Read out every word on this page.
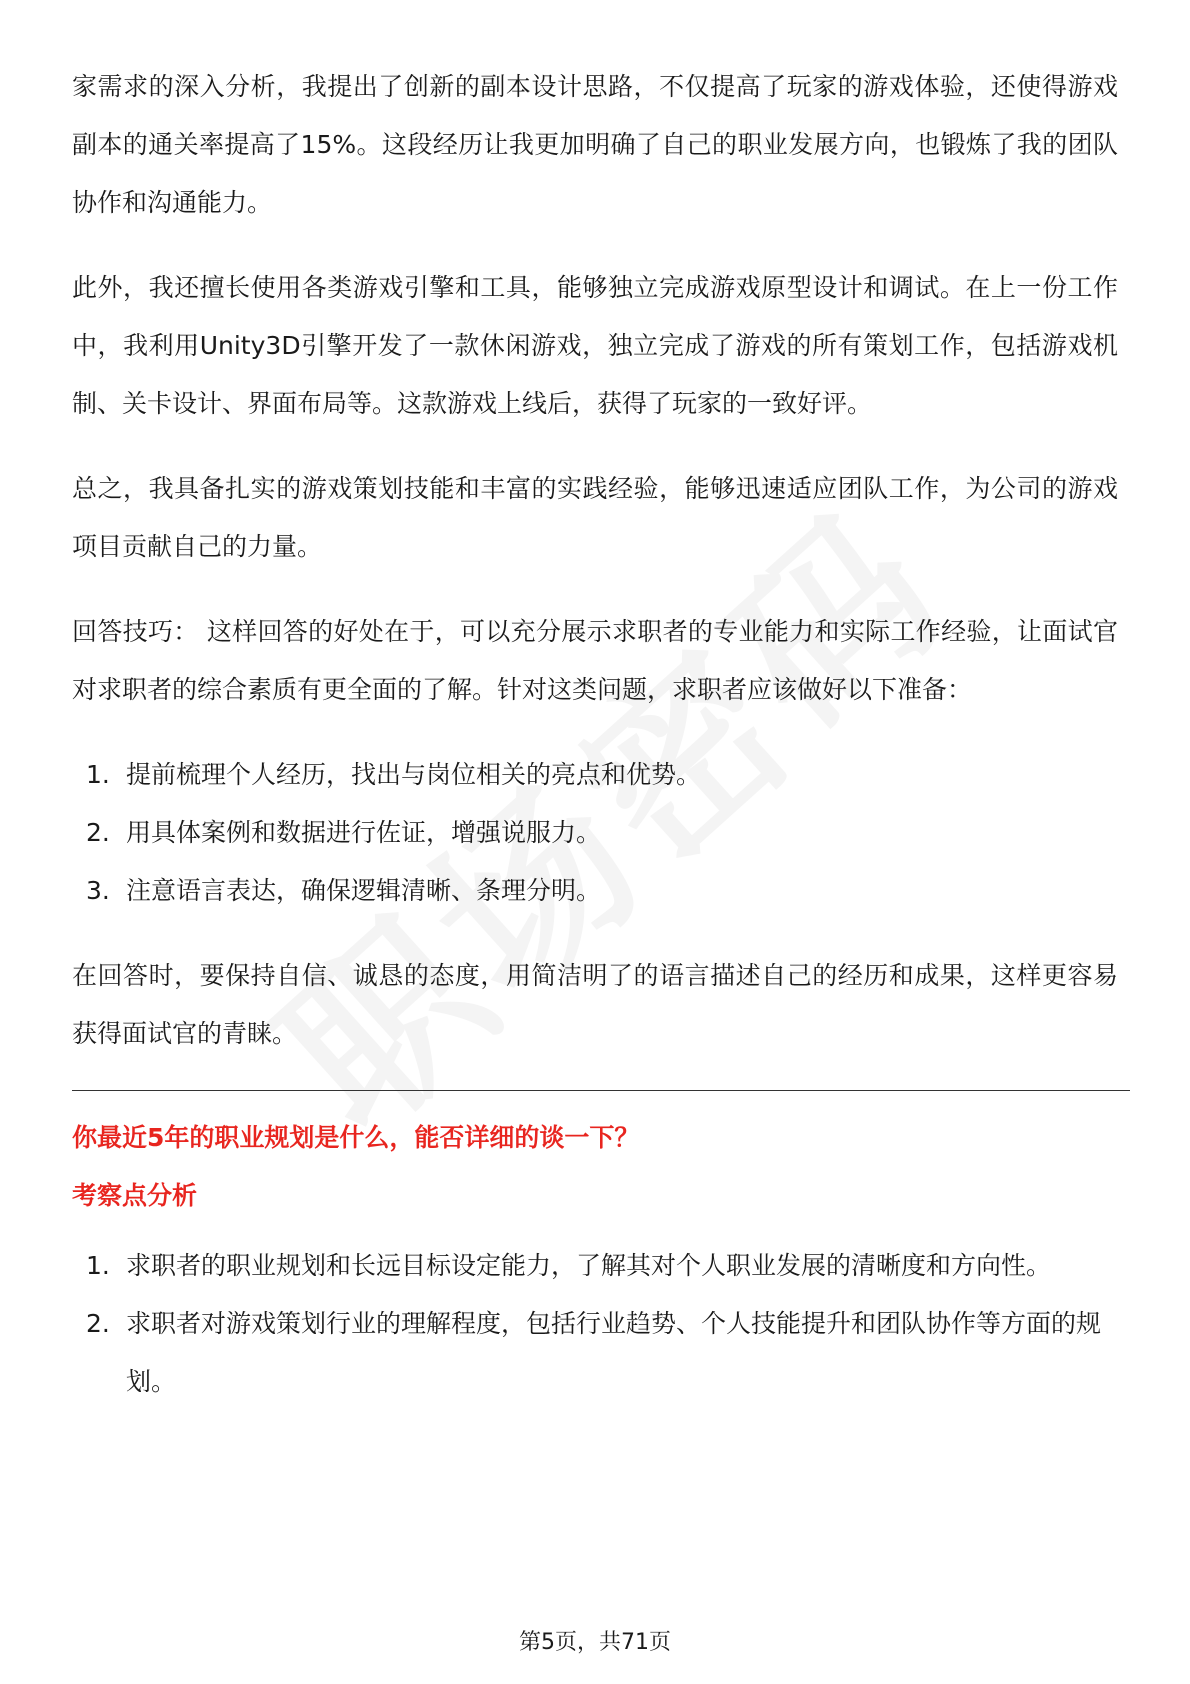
家需求的深入分析，我提出了创新的副本设计思路，不仅提高了玩家的游戏体验，还使得游戏副本的通关率提高了15%。这段经历让我更加明确了自己的职业发展方向，也锻炼了我的团队协作和沟通能力。

此外，我还擅长使用各类游戏引擎和工具，能够独立完成游戏原型设计和调试。在上一份工作中，我利用Unity3D引擎开发了一款休闲游戏，独立完成了游戏的所有策划工作，包括游戏机制、关卡设计、界面布局等。这款游戏上线后，获得了玩家的一致好评。

总之，我具备扎实的游戏策划技能和丰富的实践经验，能够迅速适应团队工作，为公司的游戏项目贡献自己的力量。

回答技巧： 这样回答的好处在于，可以充分展示求职者的专业能力和实际工作经验，让面试官对求职者的综合素质有更全面的了解。针对这类问题，求职者应该做好以下准备：

1. 提前梳理个人经历，找出与岗位相关的亮点和优势。
2. 用具体案例和数据进行佐证，增强说服力。
3. 注意语言表达，确保逻辑清晰、条理分明。

在回答时，要保持自信、诚恳的态度，用简洁明了的语言描述自己的经历和成果，这样更容易获得面试官的青睐。

你最近5年的职业规划是什么，能否详细的谈一下？
考察点分析
1. 求职者的职业规划和长远目标设定能力，了解其对个人职业发展的清晰度和方向性。
2. 求职者对游戏策划行业的理解程度，包括行业趋势、个人技能提升和团队协作等方面的规划。
第5页，共71页
